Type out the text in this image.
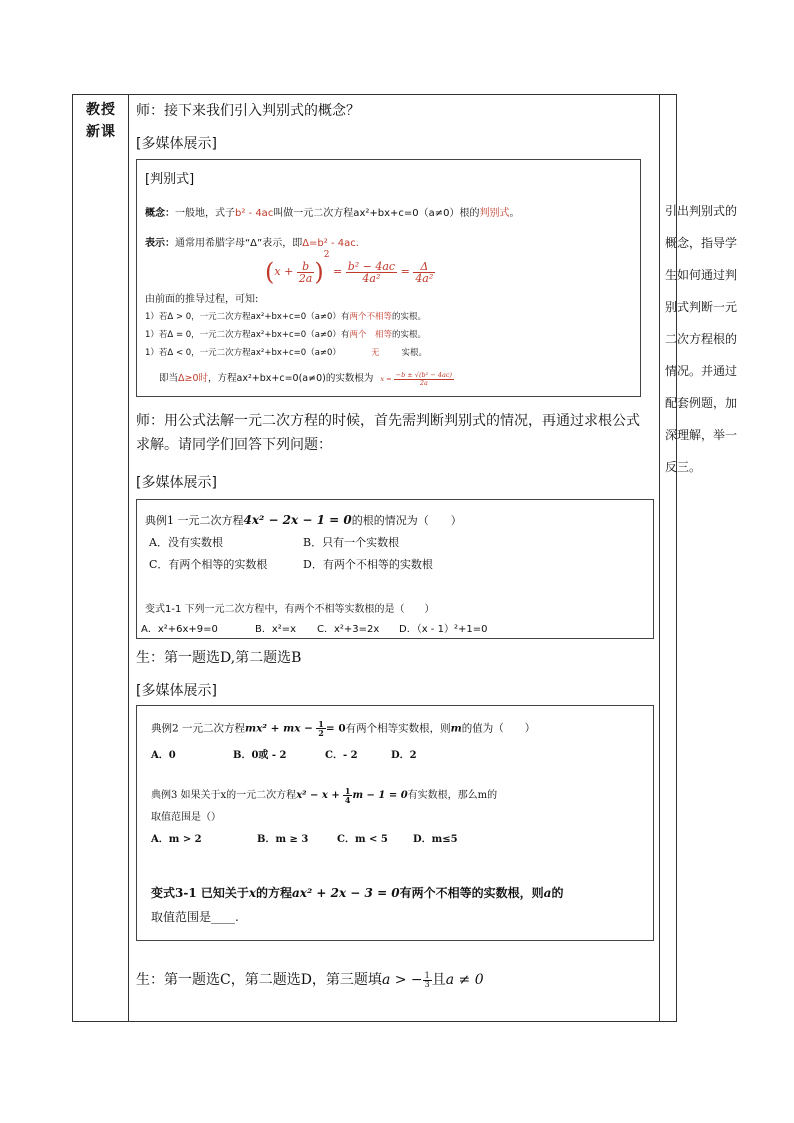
教授新课
师：接下来我们引入判别式的概念？
[多媒体展示]
[判别式]
概念：一般地，式子b² - 4ac叫做一元二次方程ax²+bx+c=0（a≠0）根的判别式。
表示：通常用希腊字母“Δ”表示，即Δ=b² - 4ac.
$(x + \frac{b}{2a} )^2 = \frac{\text{b² − 4ac}}{\text{4a²}} = \frac{\Delta}{\text{4a²}}$
由前面的推导过程，可知:
1）若Δ > 0，一元二次方程ax²+bx+c=0（a≠0）有两个不相等的实根。
1）若Δ = 0，一元二次方程ax²+bx+c=0（a≠0）有两个　相等的实根。
1）若Δ < 0，一元二次方程ax²+bx+c=0（a≠0）	无	实根。
即当Δ≥0时，方程ax²+bx+c=0(a≠0)的实数根为 $x = \frac{\text{−b ± √(b² − 4ac)}}{2a}$
师：用公式法解一元二次方程的时候，首先需判断判别式的情况，再通过求根公式求解。请同学们回答下列问题：
[多媒体展示]
典例1 一元二次方程4x² − 2x − 1 = 0的根的情况为（　　）
A．没有实数根	B．只有一个实数根
C．有两个相等的实数根	D．有两个不相等的实数根
变式1-1 下列一元二次方程中，有两个不相等实数根的是（　　）
A．x²+6x+9=0	B．x²=x C．x²+3=2x D．（x - 1）²+1=0
生：第一题选D,第二题选B
[多媒体展示]
典例2 一元二次方程mx² + mx − $\frac{1}{2} = 0$有两个相等实数根，则m的值为（　　）
A．0	B．0或 - 2	C．- 2	D．2
典例3 如果关于x的一元二次方程$x^2 - x + \frac{1}{4}$ m − 1 = 0有实数根，那么m的
取值范围是（）
A．m > 2	B．m ≥ 3	C．m < 5	D．m≤5
变式3-1 已知关于x的方程ax² + 2x − 3 = 0有两个不相等的实数根，则a的
取值范围是____.
生：第一题选C，第二题选D，第三题填a > − $\frac{1}{3}$ 且a ≠ 0
引出判别式的概念，指导学生如何通过判别式判断一元二次方程根的情况。并通过配套例题，加深理解，举一反三。
